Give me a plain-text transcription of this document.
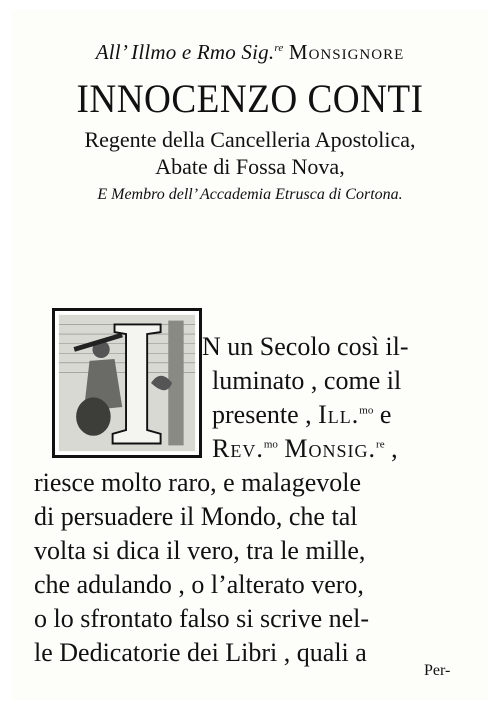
All’ Illmo e Rmo Sig.$^{re}$ Monsignore
INNOCENZO CONTI
Regente della Cancelleria Apostolica,
Abate di Fossa Nova,
E Membro dell’ Accademia Etrusca di Cortona.
I
N un Secolo così il-
luminato , come il
presente , Ill.$^{mo}$ e
Rev.$^{mo}$ Monsig.$^{re}$ ,
riesce molto raro, e malagevole
di persuadere il Mondo, che tal
volta si dica il vero, tra le mille,
che adulando , o l’alterato vero,
o lo sfrontato falso si scrive nel-
le Dedicatorie dei Libri , quali a
Per-
